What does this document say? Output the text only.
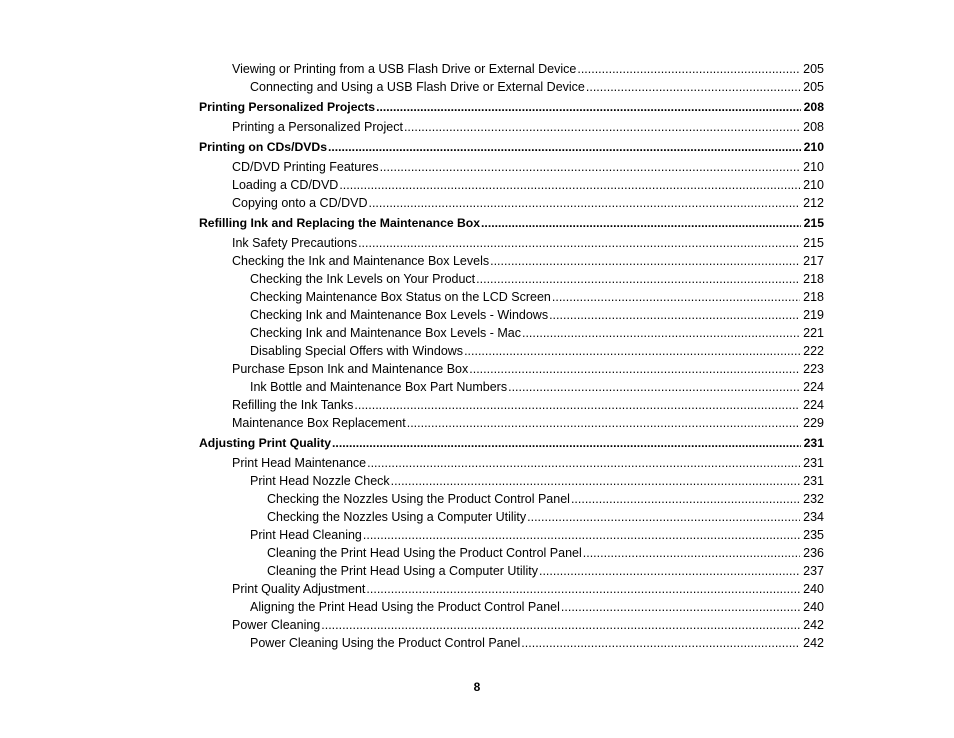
Viewing or Printing from a USB Flash Drive or External Device .....	205
Connecting and Using a USB Flash Drive or External Device .....	205
Printing Personalized Projects .....	208
Printing a Personalized Project .....	208
Printing on CDs/DVDs .....	210
CD/DVD Printing Features .....	210
Loading a CD/DVD .....	210
Copying onto a CD/DVD .....	212
Refilling Ink and Replacing the Maintenance Box .....	215
Ink Safety Precautions .....	215
Checking the Ink and Maintenance Box Levels .....	217
Checking the Ink Levels on Your Product .....	218
Checking Maintenance Box Status on the LCD Screen .....	218
Checking Ink and Maintenance Box Levels - Windows .....	219
Checking Ink and Maintenance Box Levels - Mac .....	221
Disabling Special Offers with Windows .....	222
Purchase Epson Ink and Maintenance Box .....	223
Ink Bottle and Maintenance Box Part Numbers .....	224
Refilling the Ink Tanks .....	224
Maintenance Box Replacement .....	229
Adjusting Print Quality .....	231
Print Head Maintenance .....	231
Print Head Nozzle Check .....	231
Checking the Nozzles Using the Product Control Panel .....	232
Checking the Nozzles Using a Computer Utility .....	234
Print Head Cleaning .....	235
Cleaning the Print Head Using the Product Control Panel .....	236
Cleaning the Print Head Using a Computer Utility .....	237
Print Quality Adjustment .....	240
Aligning the Print Head Using the Product Control Panel .....	240
Power Cleaning .....	242
Power Cleaning Using the Product Control Panel .....	242
8
